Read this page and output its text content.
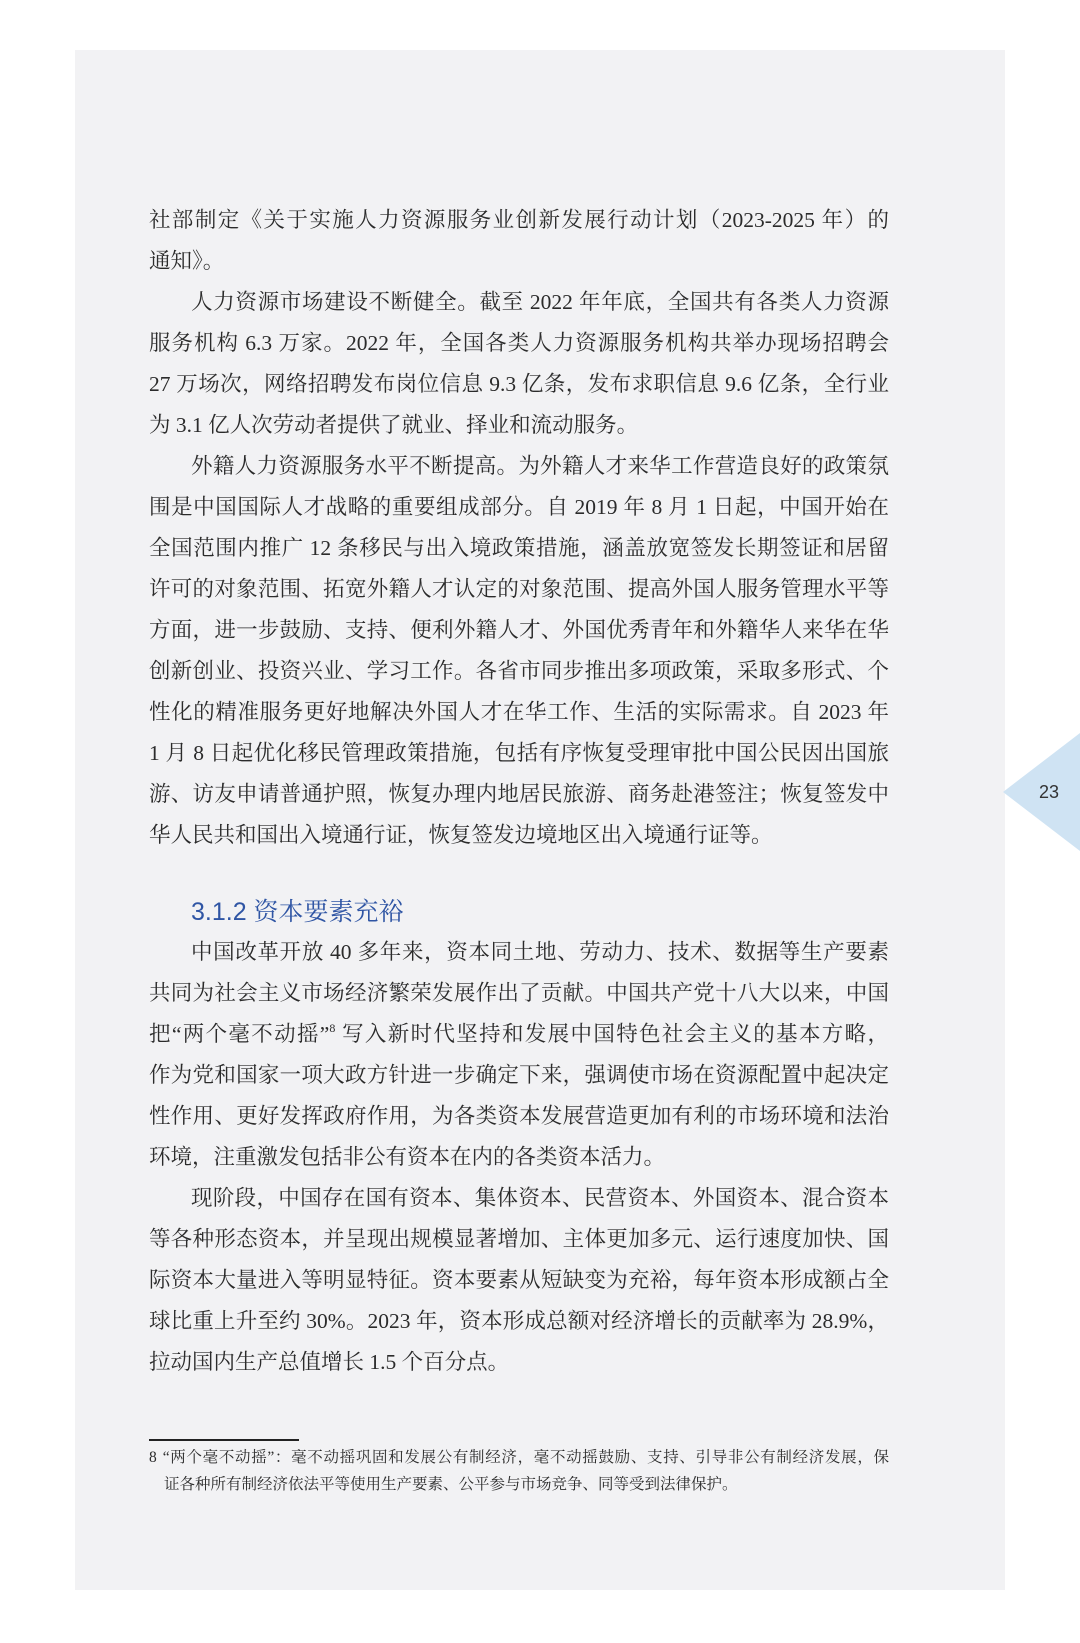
社部制定《关于实施人力资源服务业创新发展行动计划（2023-2025 年）的
通知》。
人力资源市场建设不断健全。截至 2022 年年底，全国共有各类人力资源
服务机构 6.3 万家。2022 年，全国各类人力资源服务机构共举办现场招聘会
27 万场次，网络招聘发布岗位信息 9.3 亿条，发布求职信息 9.6 亿条，全行业
为 3.1 亿人次劳动者提供了就业、择业和流动服务。
外籍人力资源服务水平不断提高。为外籍人才来华工作营造良好的政策氛
围是中国国际人才战略的重要组成部分。自 2019 年 8 月 1 日起，中国开始在
全国范围内推广 12 条移民与出入境政策措施，涵盖放宽签发长期签证和居留
许可的对象范围、拓宽外籍人才认定的对象范围、提高外国人服务管理水平等
方面，进一步鼓励、支持、便利外籍人才、外国优秀青年和外籍华人来华在华
创新创业、投资兴业、学习工作。各省市同步推出多项政策，采取多形式、个
性化的精准服务更好地解决外国人才在华工作、生活的实际需求。自 2023 年
1 月 8 日起优化移民管理政策措施，包括有序恢复受理审批中国公民因出国旅
游、访友申请普通护照，恢复办理内地居民旅游、商务赴港签注；恢复签发中
华人民共和国出入境通行证，恢复签发边境地区出入境通行证等。
3.1.2 资本要素充裕
中国改革开放 40 多年来，资本同土地、劳动力、技术、数据等生产要素
共同为社会主义市场经济繁荣发展作出了贡献。中国共产党十八大以来，中国
把“两个毫不动摇”$^8$ 写入新时代坚持和发展中国特色社会主义的基本方略，
作为党和国家一项大政方针进一步确定下来，强调使市场在资源配置中起决定
性作用、更好发挥政府作用，为各类资本发展营造更加有利的市场环境和法治
环境，注重激发包括非公有资本在内的各类资本活力。
现阶段，中国存在国有资本、集体资本、民营资本、外国资本、混合资本
等各种形态资本，并呈现出规模显著增加、主体更加多元、运行速度加快、国
际资本大量进入等明显特征。资本要素从短缺变为充裕，每年资本形成额占全
球比重上升至约 30%。2023 年，资本形成总额对经济增长的贡献率为 28.9%，
拉动国内生产总值增长 1.5 个百分点。
8 “两个毫不动摇”：毫不动摇巩固和发展公有制经济，毫不动摇鼓励、支持、引导非公有制经济发展，保
证各种所有制经济依法平等使用生产要素、公平参与市场竞争、同等受到法律保护。
23
